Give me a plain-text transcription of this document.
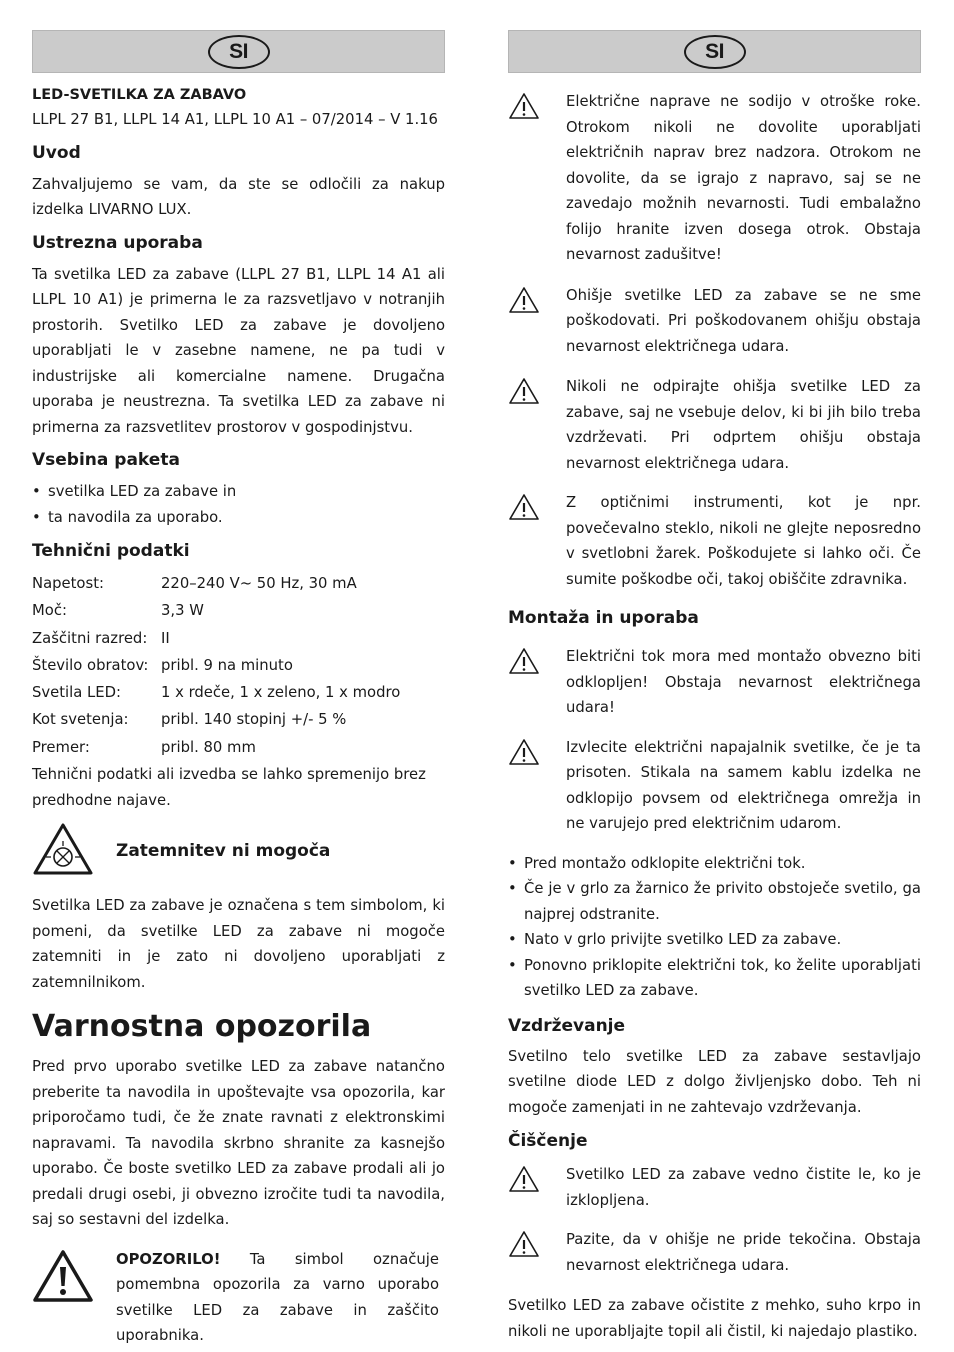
SI
LED-SVETILKA ZA ZABAVO
LLPL 27 B1, LLPL 14 A1, LLPL 10 A1 – 07/2014 – V 1.16
Uvod

Zahvaljujemo se vam, da ste se odločili za nakup izdelka LIVARNO LUX.

Ustrezna uporaba

Ta svetilka LED za zabave (LLPL 27 B1, LLPL 14 A1 ali LLPL 10 A1) je primerna le za razsvetljavo v notranjih prostorih. Svetilko LED za zabave je dovoljeno uporabljati le v zasebne namene, ne pa tudi v industrijske ali komercialne namene. Drugačna uporaba je neustrezna. Ta svetilka LED za zabave ni primerna za razsvetlitev prostorov v gospodinjstvu.

Vsebina paketa
• svetilka LED za zabave in
• ta navodila za uporabo.
Tehnični podatki
Napetost:	220–240 V~ 50 Hz, 30 mA
Moč:	3,3 W
Zaščitni razred:	II
Število obratov:	pribl. 9 na minuto
Svetila LED:	1 x rdeče, 1 x zeleno, 1 x modro
Kot svetenja:	pribl. 140 stopinj +/- 5 %
Premer:	pribl. 80 mm

Tehnični podatki ali izvedba se lahko spremenijo brez predhodne najave.

Zatemnitev ni mogoča

Svetilka LED za zabave je označena s tem simbolom, ki pomeni, da svetilke LED za zabave ni mogoče zatemniti in je zato ni dovoljeno uporabljati z zatemnilnikom.

Varnostna opozorila

Pred prvo uporabo svetilke LED za zabave natančno preberite ta navodila in upoštevajte vsa opozorila, kar priporočamo tudi, če že znate ravnati z elektronskimi napravami. Ta navodila skrbno shranite za kasnejšo uporabo. Če boste svetilko LED za zabave prodali ali jo predali drugi osebi, ji obvezno izročite tudi ta navodila, saj so sestavni del izdelka.

OPOZORILO! Ta simbol označuje pomembna opozorila za varno uporabo svetilke LED za zabave in zaščito uporabnika.

SI

Električne naprave ne sodijo v otroške roke. Otrokom nikoli ne dovolite uporabljati električnih naprav brez nadzora. Otrokom ne dovolite, da se igrajo z napravo, saj se ne zavedajo možnih nevarnosti. Tudi embalažno folijo hranite izven dosega otrok. Obstaja nevarnost zadušitve!

Ohišje svetilke LED za zabave se ne sme poškodovati. Pri poškodovanem ohišju obstaja nevarnost električnega udara.

Nikoli ne odpirajte ohišja svetilke LED za zabave, saj ne vsebuje delov, ki bi jih bilo treba vzdrževati. Pri odprtem ohišju obstaja nevarnost električnega udara.

Z optičnimi instrumenti, kot je npr. povečevalno steklo, nikoli ne glejte neposredno v svetlobni žarek. Poškodujete si lahko oči. Če sumite poškodbe oči, takoj obiščite zdravnika.

Montaža in uporaba

Električni tok mora med montažo obvezno biti odklopljen! Obstaja nevarnost električnega udara!

Izvlecite električni napajalnik svetilke, če je ta prisoten. Stikala na samem kablu izdelka ne odklopijo povsem od električnega omrežja in ne varujejo pred električnim udarom.

• Pred montažo odklopite električni tok.
• Če je v grlo za žarnico že privito obstoječe svetilo, ga najprej odstranite.
• Nato v grlo privijte svetilko LED za zabave.
• Ponovno priklopite električni tok, ko želite uporabljati svetilko LED za zabave.
Vzdrževanje

Svetilno telo svetilke LED za zabave sestavljajo svetilne diode LED z dolgo življenjsko dobo. Teh ni mogoče zamenjati in ne zahtevajo vzdrževanja.

Čiščenje

Svetilko LED za zabave vedno čistite le, ko je izklopljena.

Pazite, da v ohišje ne pride tekočina. Obstaja nevarnost električnega udara.

Svetilko LED za zabave očistite z mehko, suho krpo in nikoli ne uporabljajte topil ali čistil, ki najedajo plastiko.
